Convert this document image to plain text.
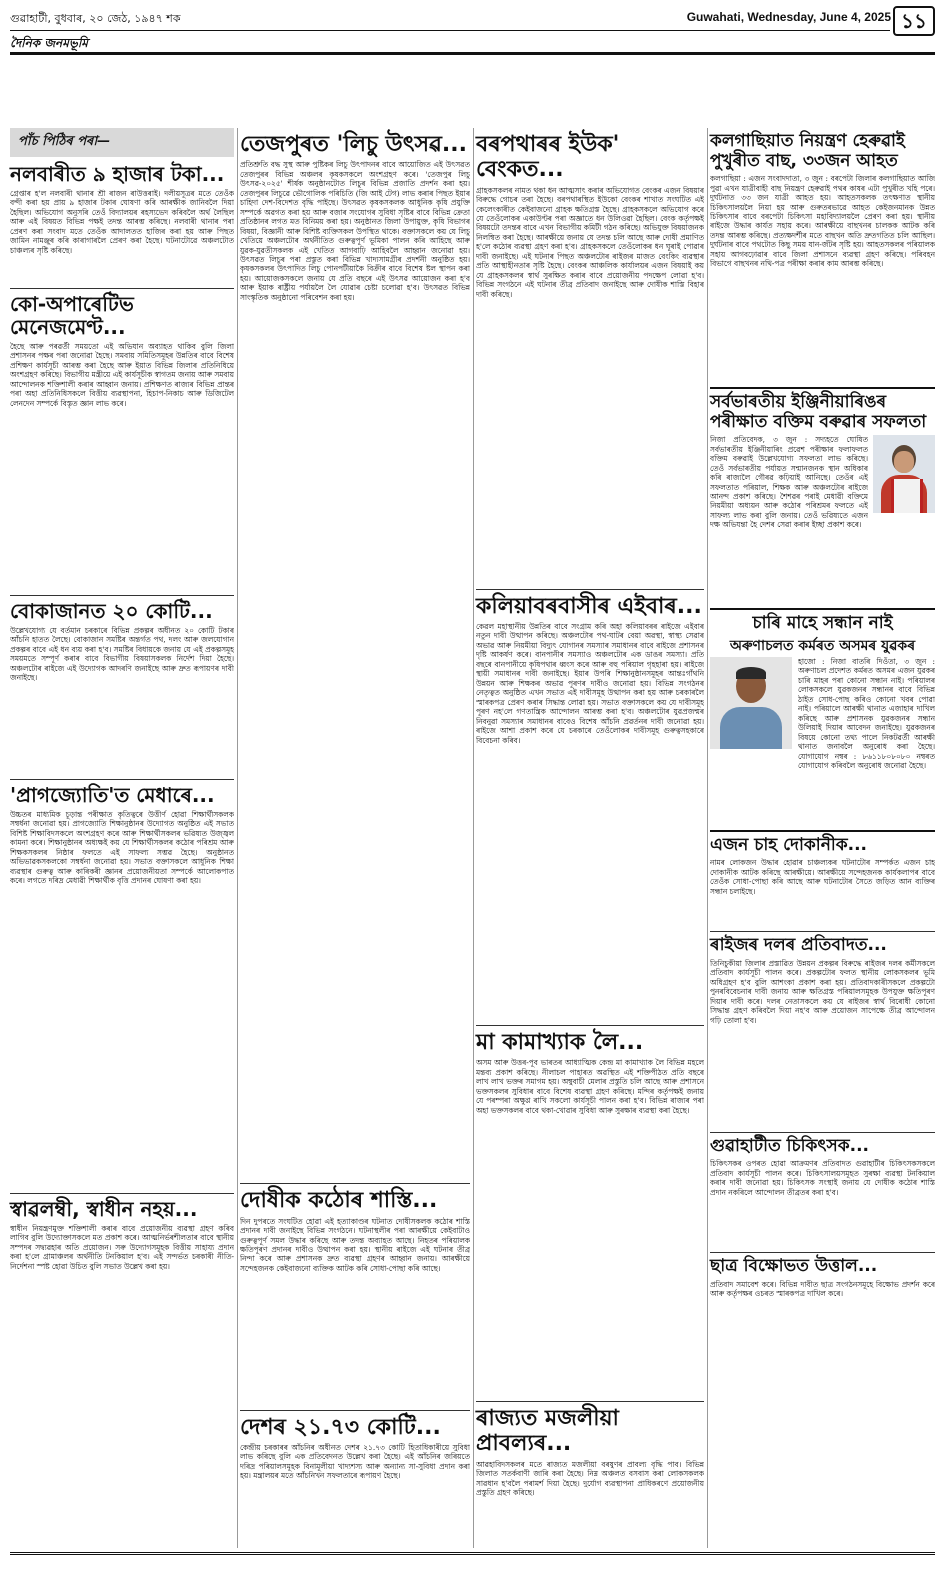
গুৱাহাটী, বুধবাৰ, ২০ জেঠ, ১৯৪৭ শক	Guwahati, Wednesday, June 4, 2025 ১১
দৈনিক জনমভূমি
পাঁচ পিঠিৰ পৰা—
নলবাৰীত ৯ হাজাৰ টকা...

গ্ৰেপ্তাৰ হ'ল নলবাৰী থানাৰ শ্ৰী ৰাজন ৰাউত্তৰাই। দলীয়সূত্ৰৰ মতে তেওঁক বন্দী কৰা হয় প্ৰায় ৯ হাজাৰ টকাৰ ঘোষণা কৰি আৰক্ষীক জানিবলৈ দিয়া হৈছিল। অভিযোগ অনুসৰি তেওঁ বিদ্যালয়ৰ ৰহস্যভেদ কৰিবলৈ অৰ্থ লৈছিল আৰু এই বিষয়ত বিভিন্ন পক্ষই তদন্ত আৰম্ভ কৰিছে। নলবাৰী থানাৰ পৰা প্ৰেৰণ কৰা সংবাদ মতে তেওঁক আদালতত হাজিৰ কৰা হয় আৰু পিছত জামিন নামঞ্জুৰ কৰি কাৰাগাৰলৈ প্ৰেৰণ কৰা হৈছে। ঘটনাটোৱে অঞ্চলটোত চাঞ্চল্যৰ সৃষ্টি কৰিছে।

কো-অপাৰেটিভ মেনেজমেণ্ট...

হৈছে আৰু পৰৱৰ্তী সময়তো এই অভিযান অব্যাহত থাকিব বুলি জিলা প্ৰশাসনৰ পক্ষৰ পৰা জনোৱা হৈছে। সমবায় সমিতিসমূহৰ উন্নতিৰ বাবে বিশেষ প্ৰশিক্ষণ কাৰ্যসূচী আৰম্ভ কৰা হৈছে আৰু ইয়াত বিভিন্ন জিলাৰ প্ৰতিনিধিয়ে অংশগ্ৰহণ কৰিছে। বিভাগীয় মন্ত্ৰীয়ে এই কাৰ্যসূচীক স্বাগতম জনায় আৰু সমবায় আন্দোলনক শক্তিশালী কৰাৰ আহ্বান জনায়। প্ৰশিক্ষণত ৰাজ্যৰ বিভিন্ন প্ৰান্তৰ পৰা অহা প্ৰতিনিধিসকলে বিত্তীয় ব্যৱস্থাপনা, হিচাপ-নিকাচ আৰু ডিজিটেল লেনদেন সম্পৰ্কে বিস্তৃত জ্ঞান লাভ কৰে।

বোকাজানত ২০ কোটি...

উল্লেখযোগ্য যে বৰ্তমান চৰকাৰে বিভিন্ন প্ৰকল্পৰ অধীনত ২০ কোটি টকাৰ আঁচনি হাতত লৈছে। বোকাজান সমষ্টিৰ অন্তৰ্গত পথ, দলং আৰু জলযোগান প্ৰকল্পৰ বাবে এই ধন ব্যয় কৰা হ'ব। সমষ্টিৰ বিধায়কে জনায় যে এই প্ৰকল্পসমূহ সময়মতে সম্পূৰ্ণ কৰাৰ বাবে বিভাগীয় বিষয়াসকলক নিৰ্দেশ দিয়া হৈছে। অঞ্চলটোৰ ৰাইজে এই উদ্যোগক আদৰণি জনাইছে আৰু দ্ৰুত ৰূপায়ণৰ দাবী জনাইছে।

'প্ৰাগজ্যোতি'ত মেধাৰে...

উচ্চতৰ মাধ্যমিক চূড়ান্ত পৰীক্ষাত কৃতিত্বৰে উত্তীৰ্ণ হোৱা শিক্ষাৰ্থীসকলক সম্বৰ্ধনা জনোৱা হয়। প্ৰাগজ্যোতি শিক্ষানুষ্ঠানৰ উদ্যোগত অনুষ্ঠিত এই সভাত বিশিষ্ট শিক্ষাবিদসকলে অংশগ্ৰহণ কৰে আৰু শিক্ষাৰ্থীসকলৰ ভৱিষ্যত উজ্জ্বল কামনা কৰে। শিক্ষানুষ্ঠানৰ অধ্যক্ষই কয় যে শিক্ষাৰ্থীসকলৰ কঠোৰ পৰিশ্ৰম আৰু শিক্ষকসকলৰ নিষ্ঠাৰ ফলতে এই সাফল্য সম্ভৱ হৈছে। অনুষ্ঠানত অভিভাৱকসকলকো সম্বৰ্ধনা জনোৱা হয়। সভাত বক্তাসকলে আধুনিক শিক্ষা ব্যৱস্থাৰ গুৰুত্ব আৰু কাৰিকৰী জ্ঞানৰ প্ৰয়োজনীয়তা সম্পৰ্কে আলোকপাত কৰে। লগতে দৰিদ্ৰ মেধাৱী শিক্ষাৰ্থীক বৃত্তি প্ৰদানৰ ঘোষণা কৰা হয়।

স্বাৱলম্বী, স্বাধীন নহয়...

স্বাধীন নিয়ন্ত্ৰণমুক্ত শক্তিশালী কৰাৰ বাবে প্ৰয়োজনীয় ব্যৱস্থা গ্ৰহণ কৰিব লাগিব বুলি উদ্যোক্তাসকলে মত প্ৰকাশ কৰে। আত্মনিৰ্ভৰশীলতাৰ বাবে স্থানীয় সম্পদৰ সদ্ব্যৱহাৰ অতি প্ৰয়োজন। সৰু উদ্যোগসমূহক বিত্তীয় সাহায্য প্ৰদান কৰা হ'লে গ্ৰামাঞ্চলৰ অৰ্থনীতি টনকিয়াল হ'ব। এই সন্দৰ্ভত চৰকাৰী নীতি-নিৰ্দেশনা স্পষ্ট হোৱা উচিত বুলি সভাত উল্লেখ কৰা হয়।

তেজপুৰত 'লিচু উৎসৱ...

প্ৰতিশ্ৰুতি বদ্ধ সুস্থ আৰু পুষ্টিকৰ লিচু উৎপাদনৰ বাবে আয়োজিত এই উৎসৱত তেজপুৰৰ বিভিন্ন অঞ্চলৰ কৃষকসকলে অংশগ্ৰহণ কৰে। 'তেজপুৰ লিচু উৎসৱ-২০২৫' শীৰ্ষক অনুষ্ঠানটোত লিচুৰ বিভিন্ন প্ৰজাতি প্ৰদৰ্শন কৰা হয়। তেজপুৰৰ লিচুৱে ভৌগোলিক পৰিচিতি (জি আই টেগ) লাভ কৰাৰ পিছত ইয়াৰ চাহিদা দেশ-বিদেশত বৃদ্ধি পাইছে। উৎসৱত কৃষকসকলক আধুনিক কৃষি প্ৰযুক্তি সম্পৰ্কে অৱগত কৰা হয় আৰু বজাৰ সংযোগৰ সুবিধা সৃষ্টিৰ বাবে বিভিন্ন ক্ৰেতা প্ৰতিষ্ঠানৰ লগত মত বিনিময় কৰা হয়। অনুষ্ঠানত জিলা উপায়ুক্ত, কৃষি বিভাগৰ বিষয়া, বিজ্ঞানী আৰু বিশিষ্ট ব্যক্তিসকল উপস্থিত থাকে। বক্তাসকলে কয় যে লিচু খেতিয়ে অঞ্চলটোৰ অৰ্থনীতিত গুৰুত্বপূৰ্ণ ভূমিকা পালন কৰি আহিছে আৰু যুৱক-যুৱতীসকলক এই খেতিত আগবাঢ়ি আহিবলৈ আহ্বান জনোৱা হয়। উৎসৱত লিচুৰ পৰা প্ৰস্তুত কৰা বিভিন্ন খাদ্যসামগ্ৰীৰ প্ৰদৰ্শনী অনুষ্ঠিত হয়। কৃষকসকলৰ উৎপাদিত লিচু পোনপটীয়াকৈ বিক্ৰীৰ বাবে বিশেষ ষ্টল স্থাপন কৰা হয়। আয়োজকসকলে জনায় যে প্ৰতি বছৰে এই উৎসৱ আয়োজন কৰা হ'ব আৰু ইয়াক ৰাষ্ট্ৰীয় পৰ্যায়লৈ লৈ যোৱাৰ চেষ্টা চলোৱা হ'ব। উৎসৱত বিভিন্ন সাংস্কৃতিক অনুষ্ঠানো পৰিবেশন কৰা হয়।

দোষীক কঠোৰ শাস্তি...

দিন দুপৰতে সংঘটিত হোৱা এই হত্যাকাণ্ডৰ ঘটনাত দোষীসকলক কঠোৰ শাস্তি প্ৰদানৰ দাবী জনাইছে বিভিন্ন সংগঠনে। ঘটনাস্থলীৰ পৰা আৰক্ষীয়ে কেইবাটাও গুৰুত্বপূৰ্ণ সমল উদ্ধাৰ কৰিছে আৰু তদন্ত অব্যাহত আছে। নিহতৰ পৰিয়ালক ক্ষতিপূৰণ প্ৰদানৰ দাবীও উত্থাপন কৰা হয়। স্থানীয় ৰাইজে এই ঘটনাৰ তীব্ৰ নিন্দা কৰে আৰু প্ৰশাসনক দ্ৰুত ব্যৱস্থা গ্ৰহণৰ আহ্বান জনায়। আৰক্ষীয়ে সন্দেহজনক কেইবাজনো ব্যক্তিক আটক কৰি সোধা-পোছা কৰি আছে।

দেশৰ ২১.৭৩ কোটি...

কেন্দ্ৰীয় চৰকাৰৰ আঁচনিৰ অধীনত দেশৰ ২১.৭৩ কোটি হিতাধিকাৰীয়ে সুবিধা লাভ কৰিছে বুলি এক প্ৰতিবেদনত উল্লেখ কৰা হৈছে। এই আঁচনিৰ জৰিয়তে দৰিদ্ৰ পৰিয়ালসমূহক বিনামূলীয়া খাদ্যশস্য আৰু অন্যান্য সা-সুবিধা প্ৰদান কৰা হয়। মন্ত্ৰালয়ৰ মতে আঁচনিখন সফলতাৰে ৰূপায়ণ হৈছে।

বৰপথাৰৰ ইউক' বেংকত...

গ্ৰাহকসকলৰ নামত থকা ধন আত্মসাৎ কৰাৰ অভিযোগত বেংকৰ এজন বিষয়াৰ বিৰুদ্ধে গোচৰ তৰা হৈছে। বৰপথাৰস্থিত ইউকো বেংকৰ শাখাত সংঘটিত এই কেলেংকাৰীত কেইবাজনো গ্ৰাহক ক্ষতিগ্ৰস্ত হৈছে। গ্ৰাহকসকলে অভিযোগ কৰে যে তেওঁলোকৰ একাউণ্টৰ পৰা অজ্ঞাতে ধন উলিওৱা হৈছিল। বেংক কৰ্তৃপক্ষই বিষয়টো তদন্তৰ বাবে এখন বিভাগীয় কমিটী গঠন কৰিছে। অভিযুক্ত বিষয়াজনক নিলম্বিত কৰা হৈছে। আৰক্ষীয়ে জনায় যে তদন্ত চলি আছে আৰু দোষী প্ৰমাণিত হ'লে কঠোৰ ব্যৱস্থা গ্ৰহণ কৰা হ'ব। গ্ৰাহকসকলে তেওঁলোকৰ ধন ঘূৰাই পোৱাৰ দাবী জনাইছে। এই ঘটনাৰ পিছত অঞ্চলটোৰ ৰাইজৰ মাজত বেংকিং ব্যৱস্থাৰ প্ৰতি আস্থাহীনতাৰ সৃষ্টি হৈছে। বেংকৰ আঞ্চলিক কাৰ্যালয়ৰ এজন বিষয়াই কয় যে গ্ৰাহকসকলৰ স্বাৰ্থ সুৰক্ষিত কৰাৰ বাবে প্ৰয়োজনীয় পদক্ষেপ লোৱা হ'ব। বিভিন্ন সংগঠনে এই ঘটনাৰ তীব্ৰ প্ৰতিবাদ জনাইছে আৰু দোষীক শাস্তি বিহাৰ দাবী কৰিছে।

কলিয়াবৰবাসীৰ এইবাৰ...

কেৱল মহাস্থানীয় উন্নতিৰ বাবে সংগ্ৰাম কৰি অহা কলিয়াবৰৰ ৰাইজে এইবাৰ নতুন দাবী উত্থাপন কৰিছে। অঞ্চলটোৰ পথ-ঘাটৰ বেয়া অৱস্থা, স্বাস্থ্য সেৱাৰ অভাৱ আৰু নিয়মীয়া বিদ্যুৎ যোগানৰ সমস্যাৰ সমাধানৰ বাবে ৰাইজে প্ৰশাসনৰ দৃষ্টি আকৰ্ষণ কৰে। বানপানীৰ সমস্যাও অঞ্চলটোৰ এক ডাঙৰ সমস্যা। প্ৰতি বছৰে বানপানীয়ে কৃষিপথাৰ ধ্বংস কৰে আৰু বহু পৰিয়াল গৃহহাৰা হয়। ৰাইজে স্থায়ী সমাধানৰ দাবী জনাইছে। ইয়াৰ উপৰি শিক্ষানুষ্ঠানসমূহৰ আন্তঃগাঁথনি উন্নয়ন আৰু শিক্ষকৰ অভাৱ পূৰণৰ দাবীও জনোৱা হয়। বিভিন্ন সংগঠনৰ নেতৃত্বত অনুষ্ঠিত এখন সভাত এই দাবীসমূহ উত্থাপন কৰা হয় আৰু চৰকাৰলৈ স্মাৰকপত্ৰ প্ৰেৰণ কৰাৰ সিদ্ধান্ত লোৱা হয়। সভাত বক্তাসকলে কয় যে দাবীসমূহ পূৰণ নহ'লে গণতান্ত্ৰিক আন্দোলন আৰম্ভ কৰা হ'ব। অঞ্চলটোৰ যুৱপ্ৰজন্মৰ নিবনুৱা সমস্যাৰ সমাধানৰ বাবেও বিশেষ আঁচনি প্ৰৱৰ্তনৰ দাবী জনোৱা হয়। ৰাইজে আশা প্ৰকাশ কৰে যে চৰকাৰে তেওঁলোকৰ দাবীসমূহ গুৰুত্বসহকাৰে বিবেচনা কৰিব।

মা কামাখ্যাক লৈ...

অসম আৰু উত্তৰ-পূব ভাৰতৰ আধ্যাত্মিক কেন্দ্ৰ মা কামাখ্যাক লৈ বিভিন্ন মহলে মন্তব্য প্ৰকাশ কৰিছে। নীলাচল পাহাৰত অৱস্থিত এই শক্তিপীঠত প্ৰতি বছৰে লাখ লাখ ভক্তৰ সমাগম হয়। অম্বুবাচী মেলাৰ প্ৰস্তুতি চলি আছে আৰু প্ৰশাসনে ভক্তসকলৰ সুবিধাৰ বাবে বিশেষ ব্যৱস্থা গ্ৰহণ কৰিছে। মন্দিৰ কৰ্তৃপক্ষই জনায় যে পৰম্পৰা অক্ষুণ্ণ ৰাখি সকলো কাৰ্যসূচী পালন কৰা হ'ব। বিভিন্ন ৰাজ্যৰ পৰা অহা ভক্তসকলৰ বাবে থকা-খোৱাৰ সুবিধা আৰু সুৰক্ষাৰ ব্যৱস্থা কৰা হৈছে।

ৰাজ্যত মজলীয়া প্ৰাবল্যৰ...

আৱহাবিদসকলৰ মতে ৰাজ্যত মজলীয়া বৰষুণৰ প্ৰাবল্য বৃদ্ধি পাব। বিভিন্ন জিলাত সতৰ্কবাণী জাৰি কৰা হৈছে। নিম্ন অঞ্চলত বসবাস কৰা লোকসকলক সাৱধান হ'বলৈ পৰামৰ্শ দিয়া হৈছে। দুৰ্যোগ ব্যৱস্থাপনা প্ৰাধিকৰণে প্ৰয়োজনীয় প্ৰস্তুতি গ্ৰহণ কৰিছে।

কলগাছিয়াত নিয়ন্ত্ৰণ হেৰুৱাই পুখুৰীত বাছ, ৩৩জন আহত

কলগাছিয়া : এজন সংবাদদাতা, ৩ জুন : বৰপেটা জিলাৰ কলগাছিয়াত আজি পুৱা এখন যাত্ৰীবাহী বাছ নিয়ন্ত্ৰণ হেৰুৱাই পথৰ কাষৰ এটা পুখুৰীত খহি পৰে। দুৰ্ঘটনাত ৩৩ জন যাত্ৰী আহত হয়। আহতসকলক তৎক্ষণাত স্থানীয় চিকিৎসালয়লৈ নিয়া হয় আৰু গুৰুতৰভাৱে আহত কেইজনমানক উন্নত চিকিৎসাৰ বাবে বৰপেটা চিকিৎসা মহাবিদ্যালয়লৈ প্ৰেৰণ কৰা হয়। স্থানীয় ৰাইজে উদ্ধাৰ কাৰ্যত সহায় কৰে। আৰক্ষীয়ে বাছখনৰ চালকক আটক কৰি তদন্ত আৰম্ভ কৰিছে। প্ৰত্যক্ষদৰ্শীৰ মতে বাছখন অতি দ্ৰুতগতিত চলি আছিল। দুৰ্ঘটনাৰ বাবে পথটোত কিছু সময় যান-জঁটৰ সৃষ্টি হয়। আহতসকলৰ পৰিয়ালক সহায় আগবঢ়োৱাৰ বাবে জিলা প্ৰশাসনে ব্যৱস্থা গ্ৰহণ কৰিছে। পৰিবহন বিভাগে বাছখনৰ নথি-পত্ৰ পৰীক্ষা কৰাৰ কাম আৰম্ভ কৰিছে।

সৰ্বভাৰতীয় ইঞ্জিনীয়াৰিঙৰ পৰীক্ষাত বক্তিম বৰুৱাৰ সফলতা

নিজা প্ৰতিবেদক, ৩ জুন : সদ্যহতে ঘোষিত সৰ্বভাৰতীয় ইঞ্জিনীয়াৰিং প্ৰৱেশ পৰীক্ষাৰ ফলাফলত বক্তিম বৰুৱাই উল্লেখযোগ্য সফলতা লাভ কৰিছে। তেওঁ সৰ্বভাৰতীয় পৰ্যায়ত সন্মানজনক স্থান অধিকাৰ কৰি ৰাজ্যলৈ গৌৰৱ কঢ়িয়াই আনিছে। তেওঁৰ এই সফলতাত পৰিয়াল, শিক্ষক আৰু অঞ্চলটোৰ ৰাইজে আনন্দ প্ৰকাশ কৰিছে। শৈশৱৰ পৰাই মেধাৱী বক্তিমে নিয়মীয়া অধ্যয়ন আৰু কঠোৰ পৰিশ্ৰমৰ ফলতে এই সাফল্য লাভ কৰা বুলি জনায়। তেওঁ ভৱিষ্যতে এজন দক্ষ অভিযন্তা হৈ দেশৰ সেৱা কৰাৰ ইচ্ছা প্ৰকাশ কৰে।

চাৰি মাহে সন্ধান নাই
অৰুণাচলত কৰ্মৰত অসমৰ যুৱকৰ

হাজো : নিজা বাতৰি দিওঁতা, ৩ জুন : অৰুণাচল প্ৰদেশত কৰ্মৰত অসমৰ এজন যুৱকৰ চাৰি মাহৰ পৰা কোনো সন্ধান নাই। পৰিয়ালৰ লোকসকলে যুৱকজনৰ সন্ধানৰ বাবে বিভিন্ন ঠাইত সোধ-পোছ কৰিও কোনো খবৰ পোৱা নাই। পৰিয়ালে আৰক্ষী থানাত এজাহাৰ দাখিল কৰিছে আৰু প্ৰশাসনক যুৱকজনৰ সন্ধান উলিয়াই দিয়াৰ আবেদন জনাইছে। যুৱকজনৰ বিষয়ে কোনো তথ্য পালে নিকটৱৰ্তী আৰক্ষী থানাত জনাবলৈ অনুৰোধ কৰা হৈছে। যোগাযোগ নম্বৰ : ৮৬১১৮০৮০৮০ নম্বৰত যোগাযোগ কৰিবলৈ অনুৰোধ জনোৱা হৈছে।

এজন চাহ দোকানীক...

নামৰ লোকজন উদ্ধাৰ হোৱাৰ চাঞ্চল্যকৰ ঘটনাটোৰ সম্পৰ্কত এজন চাহ দোকানীক আটক কৰিছে আৰক্ষীয়ে। আৰক্ষীয়ে সন্দেহজনক কাৰ্যকলাপৰ বাবে তেওঁক সোধা-পোছা কৰি আছে আৰু ঘটনাটোৰ সৈতে জড়িত আন ব্যক্তিৰ সন্ধান চলাইছে।

ৰাইজৰ দলৰ প্ৰতিবাদত...

তিনিচুকীয়া জিলাৰ প্ৰস্তাৱিত উন্নয়ন প্ৰকল্পৰ বিৰুদ্ধে ৰাইজৰ দলৰ কৰ্মীসকলে প্ৰতিবাদ কাৰ্যসূচী পালন কৰে। প্ৰকল্পটোৰ ফলত স্থানীয় লোকসকলৰ ভূমি অধিগ্ৰহণ হ'ব বুলি আশংকা প্ৰকাশ কৰা হয়। প্ৰতিবাদকাৰীসকলে প্ৰকল্পটো পুনৰবিবেচনাৰ দাবী জনায় আৰু ক্ষতিগ্ৰস্ত পৰিয়ালসমূহক উপযুক্ত ক্ষতিপূৰণ দিয়াৰ দাবী কৰে। দলৰ নেতাসকলে কয় যে ৰাইজৰ স্বাৰ্থ বিৰোধী কোনো সিদ্ধান্ত গ্ৰহণ কৰিবলৈ দিয়া নহ'ব আৰু প্ৰয়োজন সাপেক্ষে তীব্ৰ আন্দোলন গঢ়ি তোলা হ'ব।

গুৱাহাটীত চিকিৎসক...

চিকিৎসকৰ ওপৰত হোৱা আক্ৰমণৰ প্ৰতিবাদত গুৱাহাটীৰ চিকিৎসকসকলে প্ৰতিবাদ কাৰ্যসূচী পালন কৰে। চিকিৎসালয়সমূহত সুৰক্ষা ব্যৱস্থা টনকিয়াল কৰাৰ দাবী জনোৱা হয়। চিকিৎসক সংস্থাই জনায় যে দোষীক কঠোৰ শাস্তি প্ৰদান নকৰিলে আন্দোলন তীব্ৰতৰ কৰা হ'ব।

ছাত্ৰ বিক্ষোভত উত্তাল...

প্ৰতিবাদ সমাবেশ কৰে। বিভিন্ন দাবীত ছাত্ৰ সংগঠনসমূহে বিক্ষোভ প্ৰদৰ্শন কৰে আৰু কৰ্তৃপক্ষৰ ওচৰত স্মাৰকপত্ৰ দাখিল কৰে।
